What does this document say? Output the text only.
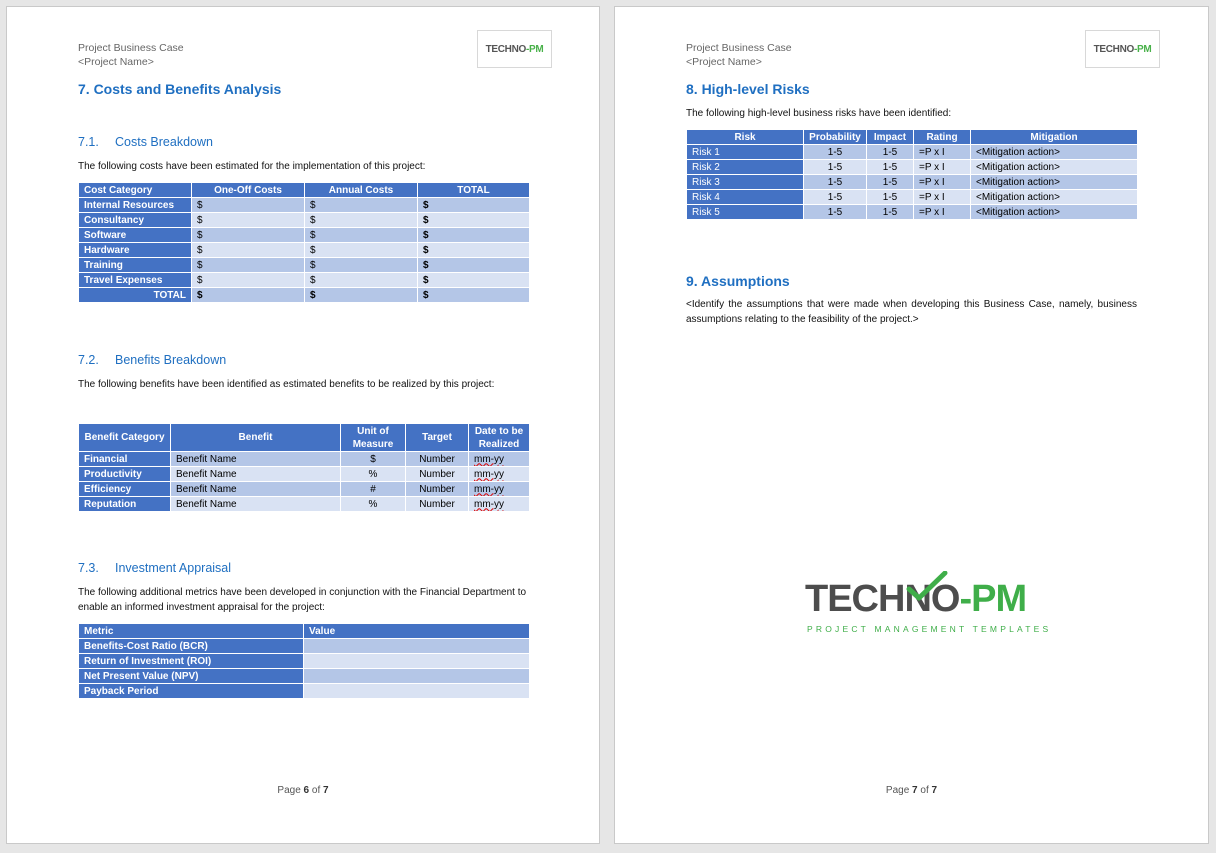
Project Business Case
<Project Name>
TECHNO - PM
7. Costs and Benefits Analysis
7.1. Costs Breakdown

The following costs have been estimated for the implementation of this project:

Cost Category	One-Off Costs	Annual Costs	TOTAL
Internal Resources	$	$	$
Consultancy	$	$	$
Software	$	$	$
Hardware	$	$	$
Training	$	$	$
Travel Expenses	$	$	$
TOTAL	$	$	$
7.2. Benefits Breakdown

The following benefits have been identified as estimated benefits to be realized by this project:

Benefit Category	Benefit	Unit of Measure	Target	Date to be Realized
Financial	Benefit Name	$	Number	mm-yy
Productivity	Benefit Name	%	Number	mm-yy
Efficiency	Benefit Name	#	Number	mm-yy
Reputation	Benefit Name	%	Number	mm-yy
7.3. Investment Appraisal

The following additional metrics have been developed in conjunction with the Financial Department to enable an informed investment appraisal for the project:

Metric	Value
Benefits-Cost Ratio (BCR)	
Return of Investment (ROI)	
Net Present Value (NPV)	
Payback Period	
Page 6 of 7
Project Business Case
<Project Name>
TECHNO - PM
8. High-level Risks

The following high-level business risks have been identified:

Risk	Probability	Impact	Rating	Mitigation
Risk 1	1-5	1-5	=P x I	<Mitigation action>
Risk 2	1-5	1-5	=P x I	<Mitigation action>
Risk 3	1-5	1-5	=P x I	<Mitigation action>
Risk 4	1-5	1-5	=P x I	<Mitigation action>
Risk 5	1-5	1-5	=P x I	<Mitigation action>
9. Assumptions

<Identify the assumptions that were made when developing this Business Case, namely, business assumptions relating to the feasibility of the project.>

TECHNO-PM
PROJECT MANAGEMENT TEMPLATES
Page 7 of 7
